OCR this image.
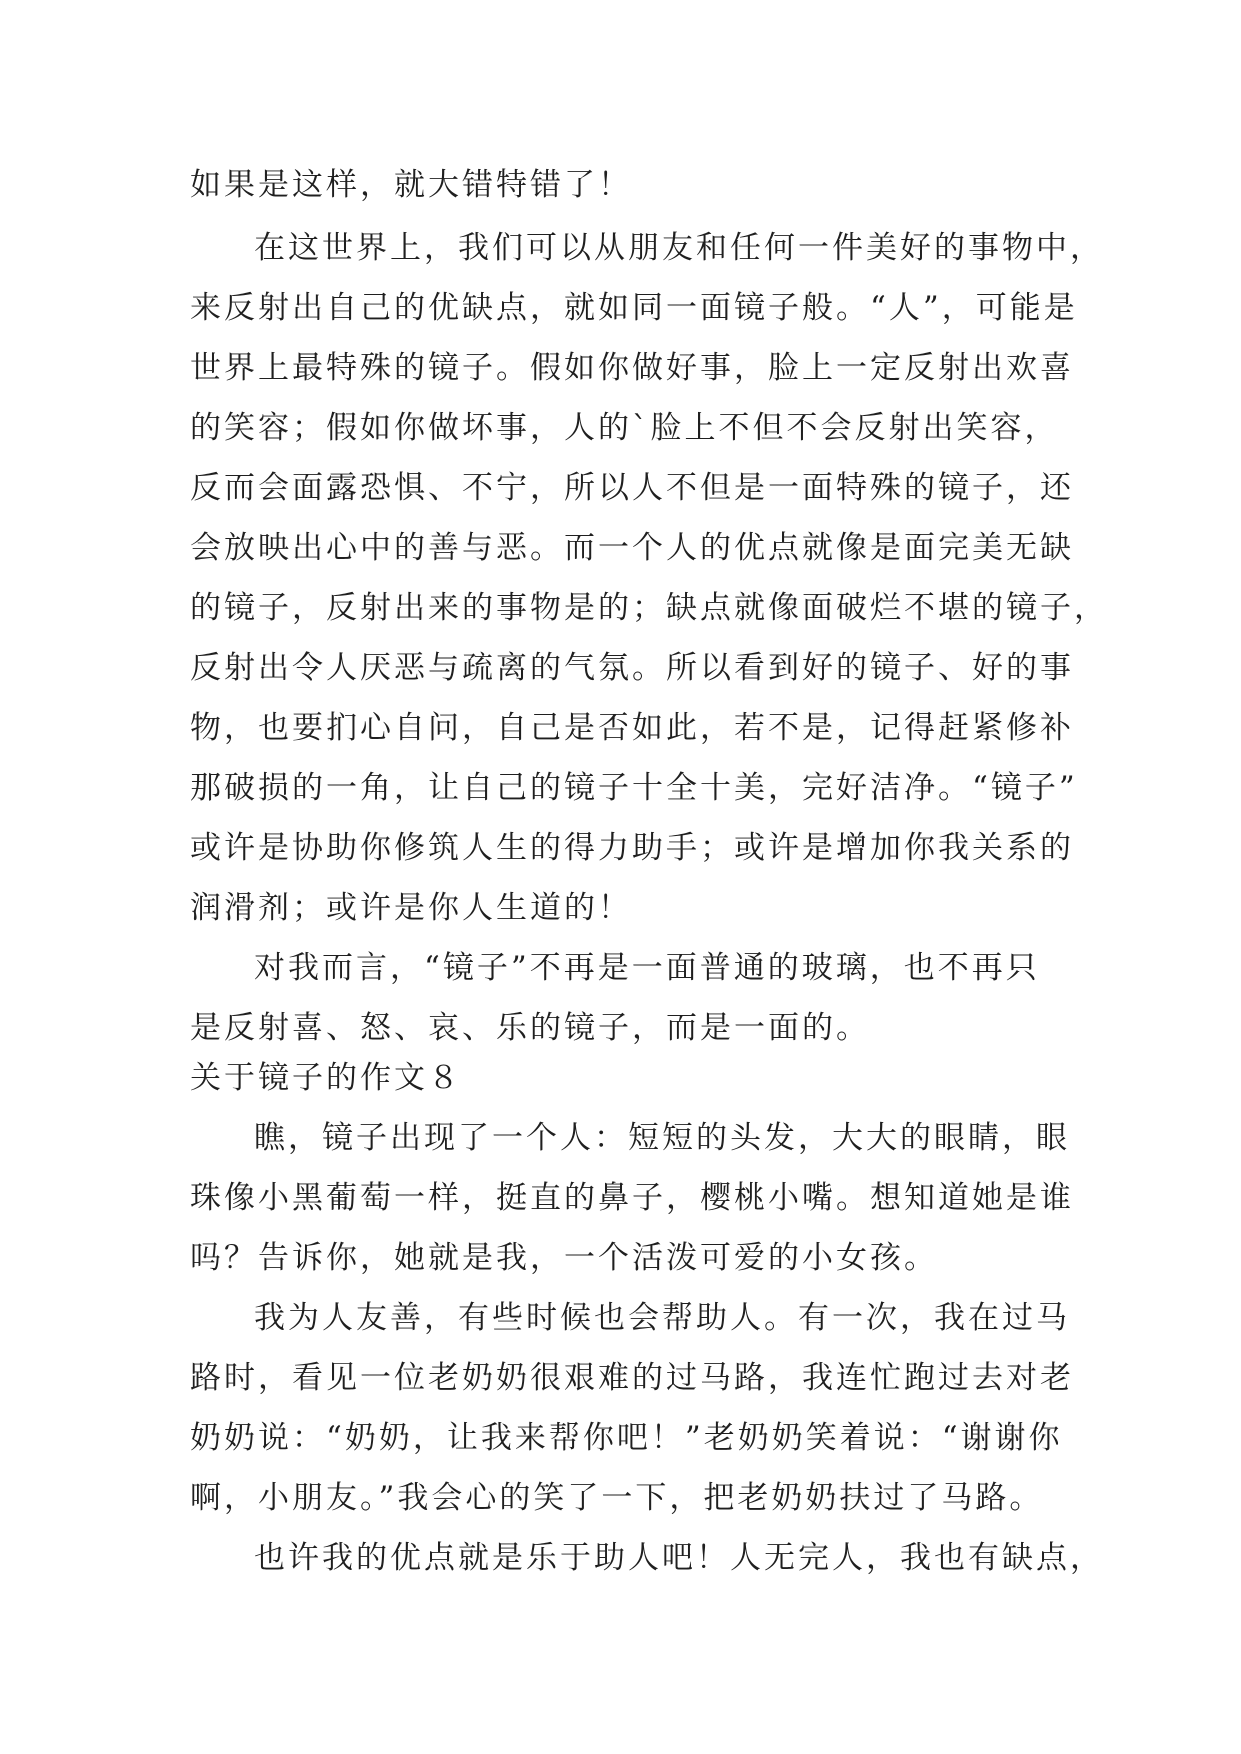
如果是这样，就大错特错了！
在这世界上，我们可以从朋友和任何一件美好的事物中，
来反射出自己的优缺点，就如同一面镜子般。“人”，可能是
世界上最特殊的镜子。假如你做好事，脸上一定反射出欢喜
的笑容；假如你做坏事，人的`脸上不但不会反射出笑容，
反而会面露恐惧、不宁，所以人不但是一面特殊的镜子，还
会放映出心中的善与恶。而一个人的优点就像是面完美无缺
的镜子，反射出来的事物是的；缺点就像面破烂不堪的镜子，
反射出令人厌恶与疏离的气氛。所以看到好的镜子、好的事
物，也要扪心自问，自己是否如此，若不是，记得赶紧修补
那破损的一角，让自己的镜子十全十美，完好洁净。“镜子”
或许是协助你修筑人生的得力助手；或许是增加你我关系的
润滑剂；或许是你人生道的！
对我而言，“镜子”不再是一面普通的玻璃，也不再只
是反射喜、怒、哀、乐的镜子，而是一面的。
关于镜子的作文８
瞧，镜子出现了一个人：短短的头发，大大的眼睛，眼
珠像小黑葡萄一样，挺直的鼻子，樱桃小嘴。想知道她是谁
吗？告诉你，她就是我，一个活泼可爱的小女孩。
我为人友善，有些时候也会帮助人。有一次，我在过马
路时，看见一位老奶奶很艰难的过马路，我连忙跑过去对老
奶奶说：“奶奶，让我来帮你吧！”老奶奶笑着说：“谢谢你
啊，小朋友。”我会心的笑了一下，把老奶奶扶过了马路。
也许我的优点就是乐于助人吧！人无完人，我也有缺点，
